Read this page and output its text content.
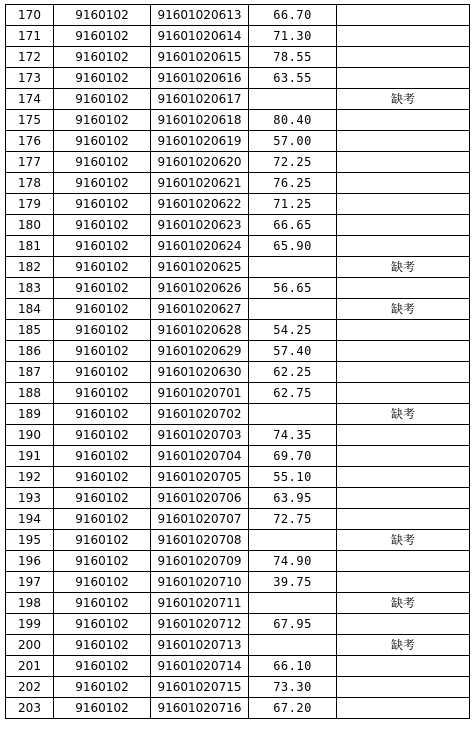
170	9160102	91601020613	66.70	
171	9160102	91601020614	71.30	
172	9160102	91601020615	78.55	
173	9160102	91601020616	63.55	
174	9160102	91601020617		缺考
175	9160102	91601020618	80.40	
176	9160102	91601020619	57.00	
177	9160102	91601020620	72.25	
178	9160102	91601020621	76.25	
179	9160102	91601020622	71.25	
180	9160102	91601020623	66.65	
181	9160102	91601020624	65.90	
182	9160102	91601020625		缺考
183	9160102	91601020626	56.65	
184	9160102	91601020627		缺考
185	9160102	91601020628	54.25	
186	9160102	91601020629	57.40	
187	9160102	91601020630	62.25	
188	9160102	91601020701	62.75	
189	9160102	91601020702		缺考
190	9160102	91601020703	74.35	
191	9160102	91601020704	69.70	
192	9160102	91601020705	55.10	
193	9160102	91601020706	63.95	
194	9160102	91601020707	72.75	
195	9160102	91601020708		缺考
196	9160102	91601020709	74.90	
197	9160102	91601020710	39.75	
198	9160102	91601020711		缺考
199	9160102	91601020712	67.95	
200	9160102	91601020713		缺考
201	9160102	91601020714	66.10	
202	9160102	91601020715	73.30	
203	9160102	91601020716	67.20	
